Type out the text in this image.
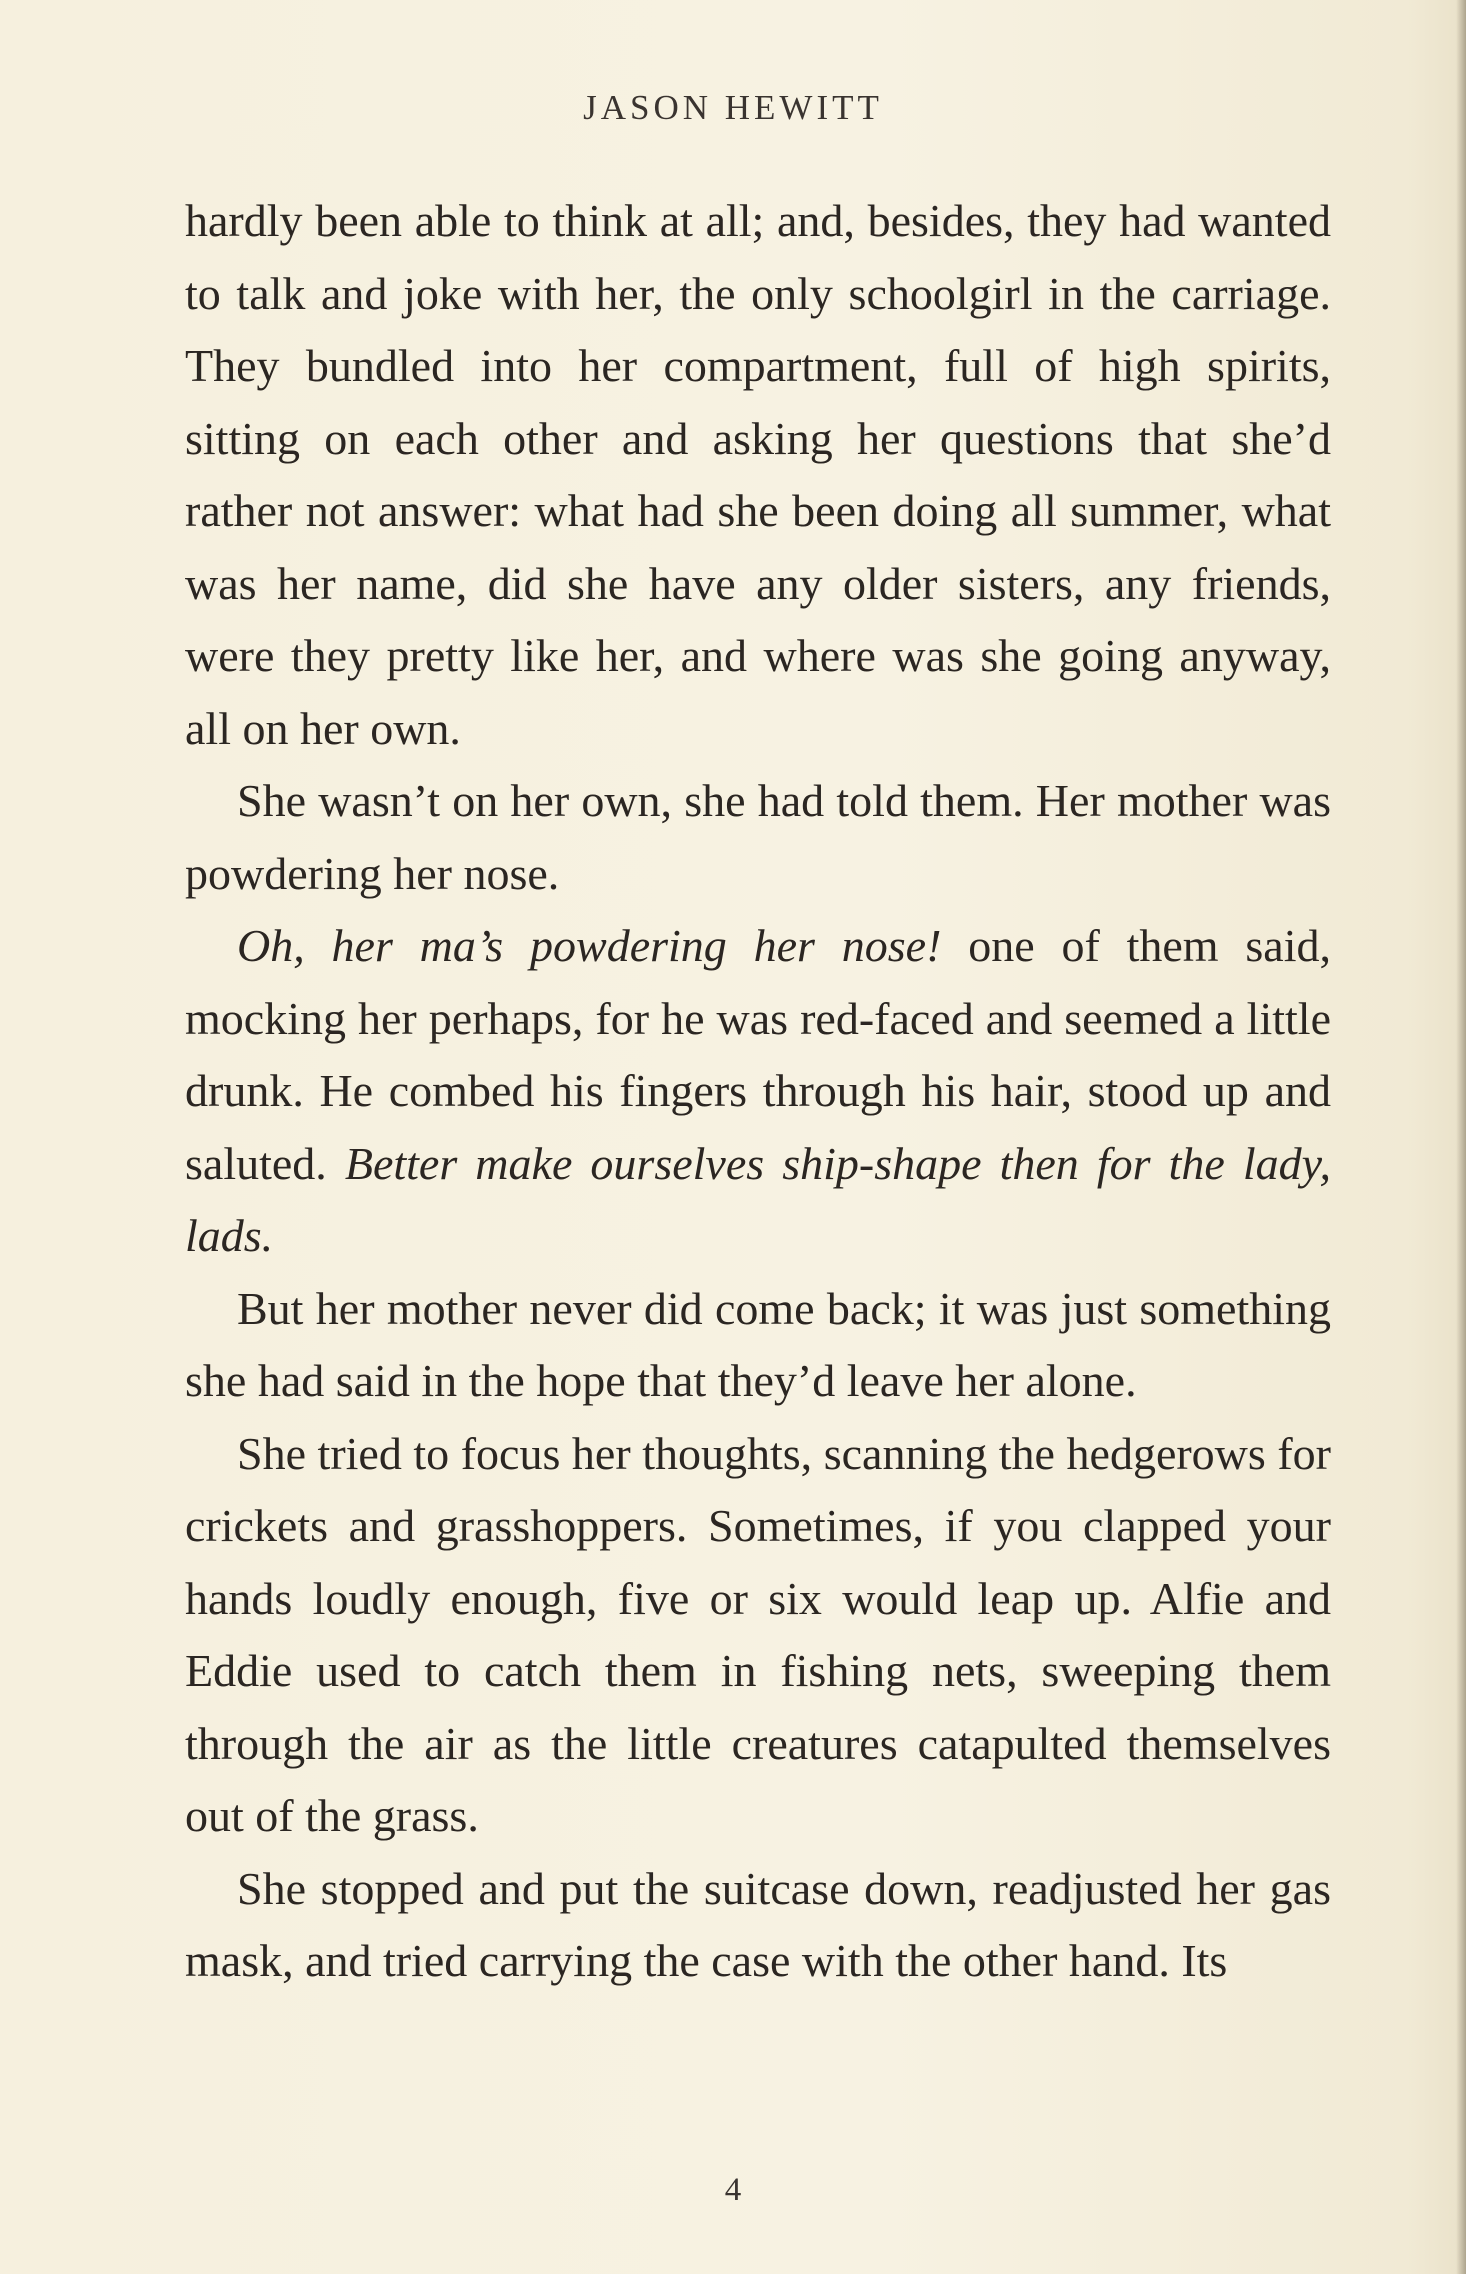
JASON HEWITT

hardly been able to think at all; and, besides, they had wanted to talk and joke with her, the only schoolgirl in the carriage. They bundled into her compartment, full of high spirits, sitting on each other and asking her questions that she’d rather not answer: what had she been doing all summer, what was her name, did she have any older sisters, any friends, were they pretty like her, and where was she going anyway, all on her own.

She wasn’t on her own, she had told them. Her mother was powdering her nose.

Oh, her ma’s powdering her nose! one of them said, mocking her perhaps, for he was red-faced and seemed a little drunk. He combed his fingers through his hair, stood up and saluted. Better make ourselves ship-shape then for the lady, lads.

But her mother never did come back; it was just something she had said in the hope that they’d leave her alone.

She tried to focus her thoughts, scanning the hedgerows for crickets and grasshoppers. Sometimes, if you clapped your hands loudly enough, five or six would leap up. Alfie and Eddie used to catch them in fishing nets, sweeping them through the air as the little creatures catapulted themselves out of the grass.

She stopped and put the suitcase down, readjusted her gas mask, and tried carrying the case with the other hand. Its

4
